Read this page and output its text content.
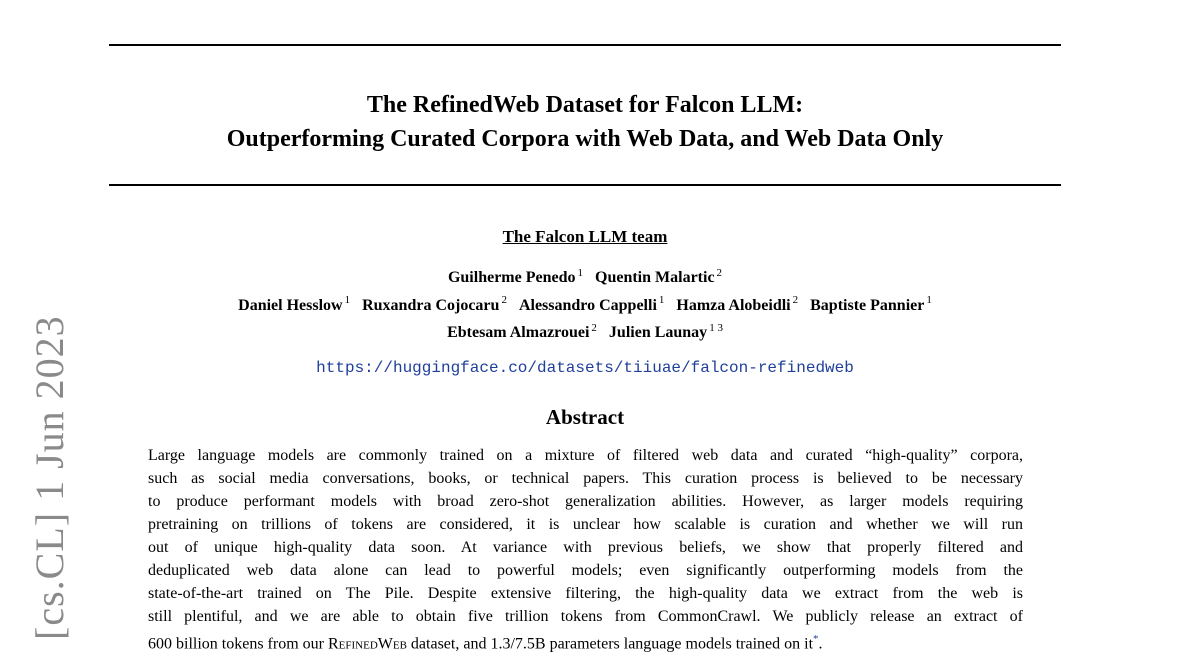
The RefinedWeb Dataset for Falcon LLM:
Outperforming Curated Corpora with Web Data, and Web Data Only
The Falcon LLM team
Guilherme Penedo $^1$ Quentin Malartic $^2$
Daniel Hesslow $^1$ Ruxandra Cojocaru $^2$ Alessandro Cappelli $^1$ Hamza Alobeidli $^2$ Baptiste Pannier $^1$
Ebtesam Almazrouei $^2$ Julien Launay $^{1 3}$
https://huggingface.co/datasets/tiiuae/falcon-refinedweb
Abstract
Large language models are commonly trained on a mixture of filtered web data and curated “high-quality” corpora,
such as social media conversations, books, or technical papers. This curation process is believed to be necessary
to produce performant models with broad zero-shot generalization abilities. However, as larger models requiring
pretraining on trillions of tokens are considered, it is unclear how scalable is curation and whether we will run
out of unique high-quality data soon. At variance with previous beliefs, we show that properly filtered and
deduplicated web data alone can lead to powerful models; even significantly outperforming models from the
state-of-the-art trained on The Pile. Despite extensive filtering, the high-quality data we extract from the web is
still plentiful, and we are able to obtain five trillion tokens from CommonCrawl. We publicly release an extract of
600 billion tokens from our RefinedWeb dataset, and 1.3/7.5B parameters language models trained on it*.
[cs.CL] 1 Jun 2023
